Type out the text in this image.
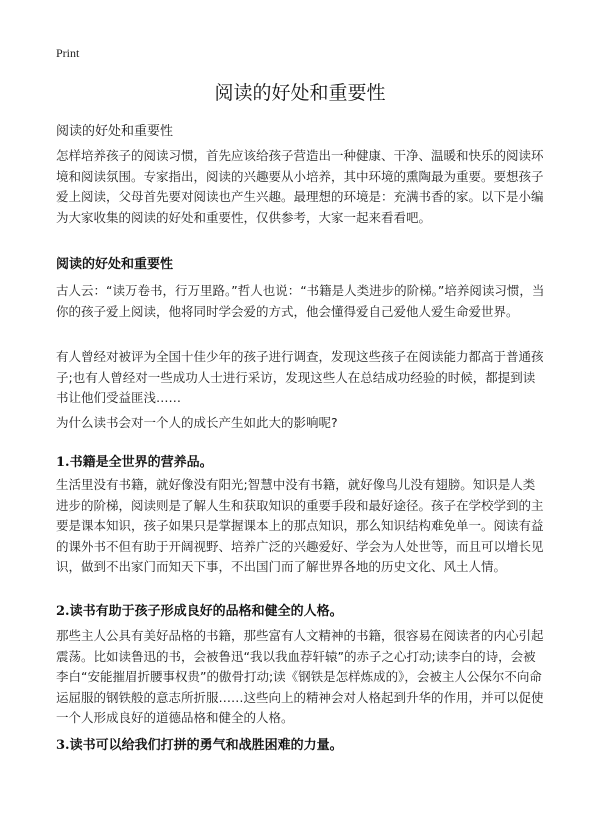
Print
阅读的好处和重要性

阅读的好处和重要性

怎样培养孩子的阅读习惯，首先应该给孩子营造出一种健康、干净、温暖和快乐的阅读环境和阅读氛围。专家指出，阅读的兴趣要从小培养，其中环境的熏陶最为重要。要想孩子爱上阅读，父母首先要对阅读也产生兴趣。最理想的环境是：充满书香的家。以下是小编为大家收集的阅读的好处和重要性，仅供参考，大家一起来看看吧。

阅读的好处和重要性

古人云：“读万卷书，行万里路。”哲人也说：“书籍是人类进步的阶梯。”培养阅读习惯，当你的孩子爱上阅读，他将同时学会爱的方式，他会懂得爱自己爱他人爱生命爱世界。

有人曾经对被评为全国十佳少年的孩子进行调查，发现这些孩子在阅读能力都高于普通孩子;也有人曾经对一些成功人士进行采访，发现这些人在总结成功经验的时候，都提到读书让他们受益匪浅……

为什么读书会对一个人的成长产生如此大的影响呢?

1.书籍是全世界的营养品。

生活里没有书籍，就好像没有阳光;智慧中没有书籍，就好像鸟儿没有翅膀。知识是人类进步的阶梯，阅读则是了解人生和获取知识的重要手段和最好途径。孩子在学校学到的主要是课本知识，孩子如果只是掌握课本上的那点知识，那么知识结构难免单一。阅读有益的课外书不但有助于开阔视野、培养广泛的兴趣爱好、学会为人处世等，而且可以增长见识，做到不出家门而知天下事，不出国门而了解世界各地的历史文化、风土人情。

2.读书有助于孩子形成良好的品格和健全的人格。

那些主人公具有美好品格的书籍，那些富有人文精神的书籍，很容易在阅读者的内心引起震荡。比如读鲁迅的书，会被鲁迅“我以我血荐轩辕”的赤子之心打动;读李白的诗，会被李白“安能摧眉折腰事权贵”的傲骨打动;读《钢铁是怎样炼成的》，会被主人公保尔不向命运屈服的钢铁般的意志所折服……这些向上的精神会对人格起到升华的作用，并可以促使一个人形成良好的道德品格和健全的人格。

3.读书可以给我们打拼的勇气和战胜困难的力量。
